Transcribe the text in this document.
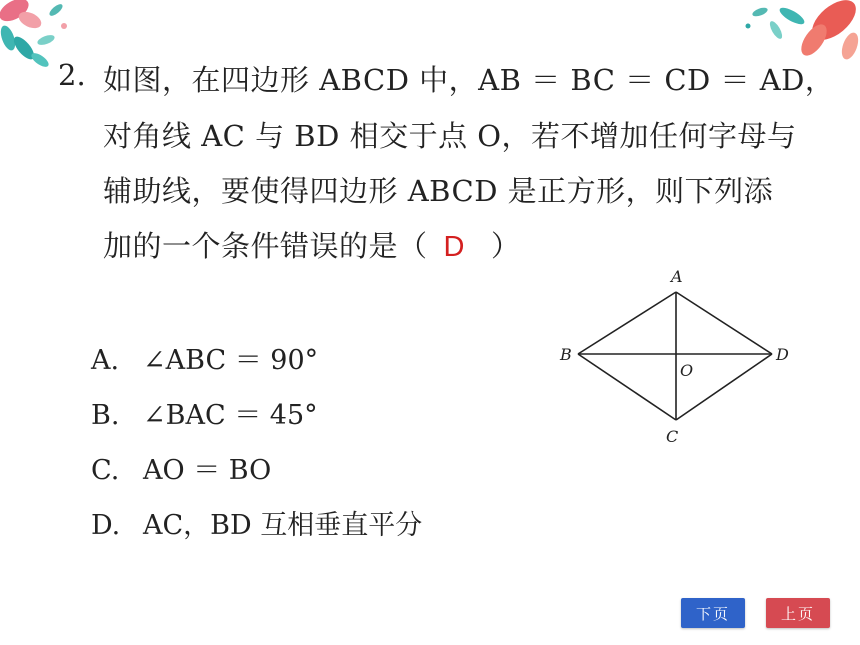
2. 如图，在四边形 ABCD 中，AB ＝ BC ＝ CD ＝ AD，
对角线 AC 与 BD 相交于点 O，若不增加任何字母与
辅助线，要使得四边形 ABCD 是正方形，则下列添
加的一个条件错误的是（ D ）
A. ∠ABC ＝ 90°
B. ∠BAC ＝ 45°
C. AO ＝ BO
D. AC，BD 互相垂直平分
A
B
C
D
O
下页	上页
